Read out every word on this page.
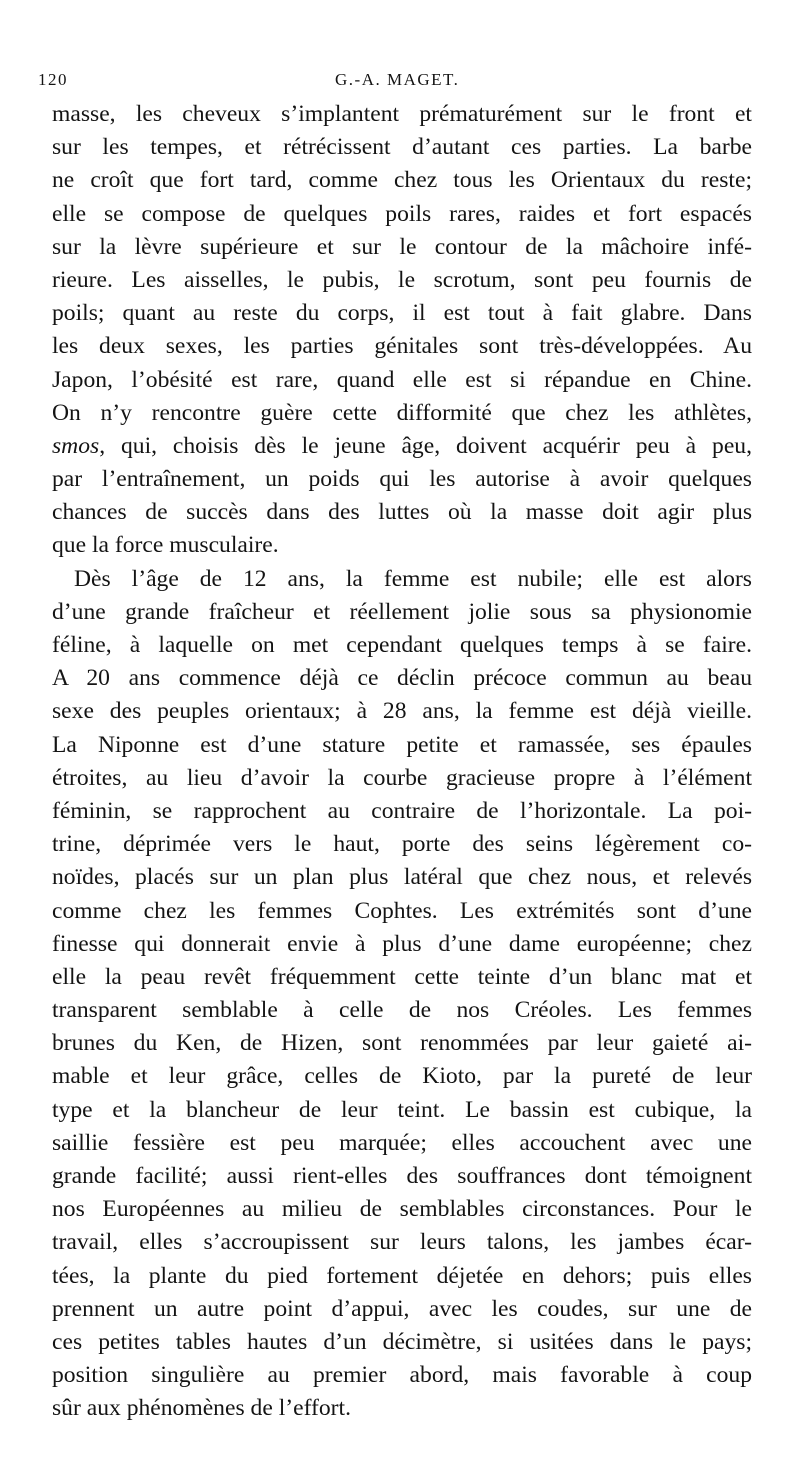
120	G.-A. MAGET.
masse, les cheveux s’implantent prématurément sur le front et
sur les tempes, et rétrécissent d’autant ces parties. La barbe
ne croît que fort tard, comme chez tous les Orientaux du reste;
elle se compose de quelques poils rares, raides et fort espacés
sur la lèvre supérieure et sur le contour de la mâchoire infé-
rieure. Les aisselles, le pubis, le scrotum, sont peu fournis de
poils; quant au reste du corps, il est tout à fait glabre. Dans
les deux sexes, les parties génitales sont très-développées. Au
Japon, l’obésité est rare, quand elle est si répandue en Chine.
On n’y rencontre guère cette difformité que chez les athlètes,
smos, qui, choisis dès le jeune âge, doivent acquérir peu à peu,
par l’entraînement, un poids qui les autorise à avoir quelques
chances de succès dans des luttes où la masse doit agir plus
que la force musculaire.
Dès l’âge de 12 ans, la femme est nubile; elle est alors
d’une grande fraîcheur et réellement jolie sous sa physionomie
féline, à laquelle on met cependant quelques temps à se faire.
A 20 ans commence déjà ce déclin précoce commun au beau
sexe des peuples orientaux; à 28 ans, la femme est déjà vieille.
La Niponne est d’une stature petite et ramassée, ses épaules
étroites, au lieu d’avoir la courbe gracieuse propre à l’élément
féminin, se rapprochent au contraire de l’horizontale. La poi-
trine, déprimée vers le haut, porte des seins légèrement co-
noïdes, placés sur un plan plus latéral que chez nous, et relevés
comme chez les femmes Cophtes. Les extrémités sont d’une
finesse qui donnerait envie à plus d’une dame européenne; chez
elle la peau revêt fréquemment cette teinte d’un blanc mat et
transparent semblable à celle de nos Créoles. Les femmes
brunes du Ken, de Hizen, sont renommées par leur gaieté ai-
mable et leur grâce, celles de Kioto, par la pureté de leur
type et la blancheur de leur teint. Le bassin est cubique, la
saillie fessière est peu marquée; elles accouchent avec une
grande facilité; aussi rient-elles des souffrances dont témoignent
nos Européennes au milieu de semblables circonstances. Pour le
travail, elles s’accroupissent sur leurs talons, les jambes écar-
tées, la plante du pied fortement déjetée en dehors; puis elles
prennent un autre point d’appui, avec les coudes, sur une de
ces petites tables hautes d’un décimètre, si usitées dans le pays;
position singulière au premier abord, mais favorable à coup
sûr aux phénomènes de l’effort.
